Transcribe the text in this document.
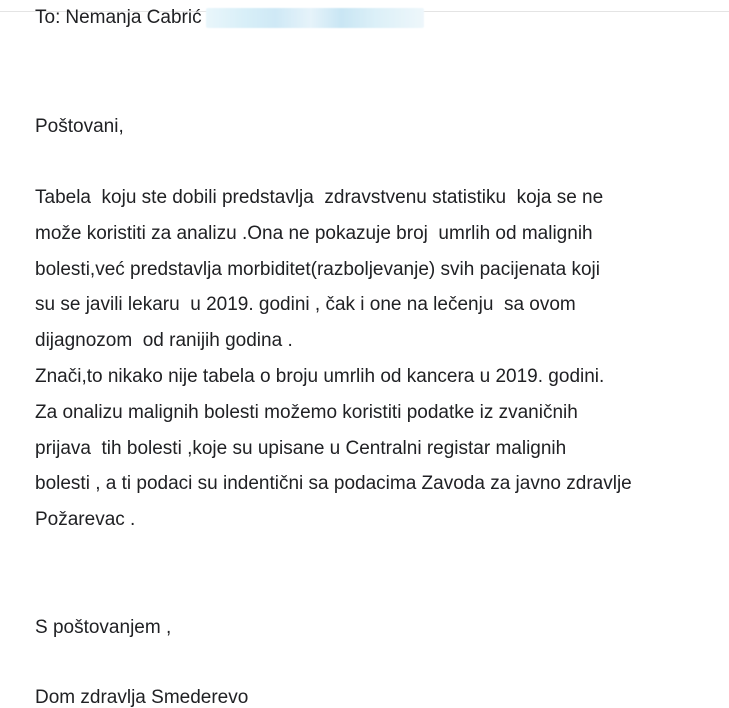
To: Nemanja Cabrić
Poštovani,
Tabela  koju ste dobili predstavlja  zdravstvenu statistiku  koja se ne
može koristiti za analizu .Ona ne pokazuje broj  umrlih od malignih
bolesti,već predstavlja morbiditet(razboljevanje) svih pacijenata koji
su se javili lekaru  u 2019. godini , čak i one na lečenju  sa ovom
dijagnozom  od ranijih godina .
Znači,to nikako nije tabela o broju umrlih od kancera u 2019. godini.
Za onalizu malignih bolesti možemo koristiti podatke iz zvaničnih
prijava  tih bolesti ,koje su upisane u Centralni registar malignih
bolesti , a ti podaci su indentični sa podacima Zavoda za javno zdravlje
Požarevac .
S poštovanjem ,
Dom zdravlja Smederevo
